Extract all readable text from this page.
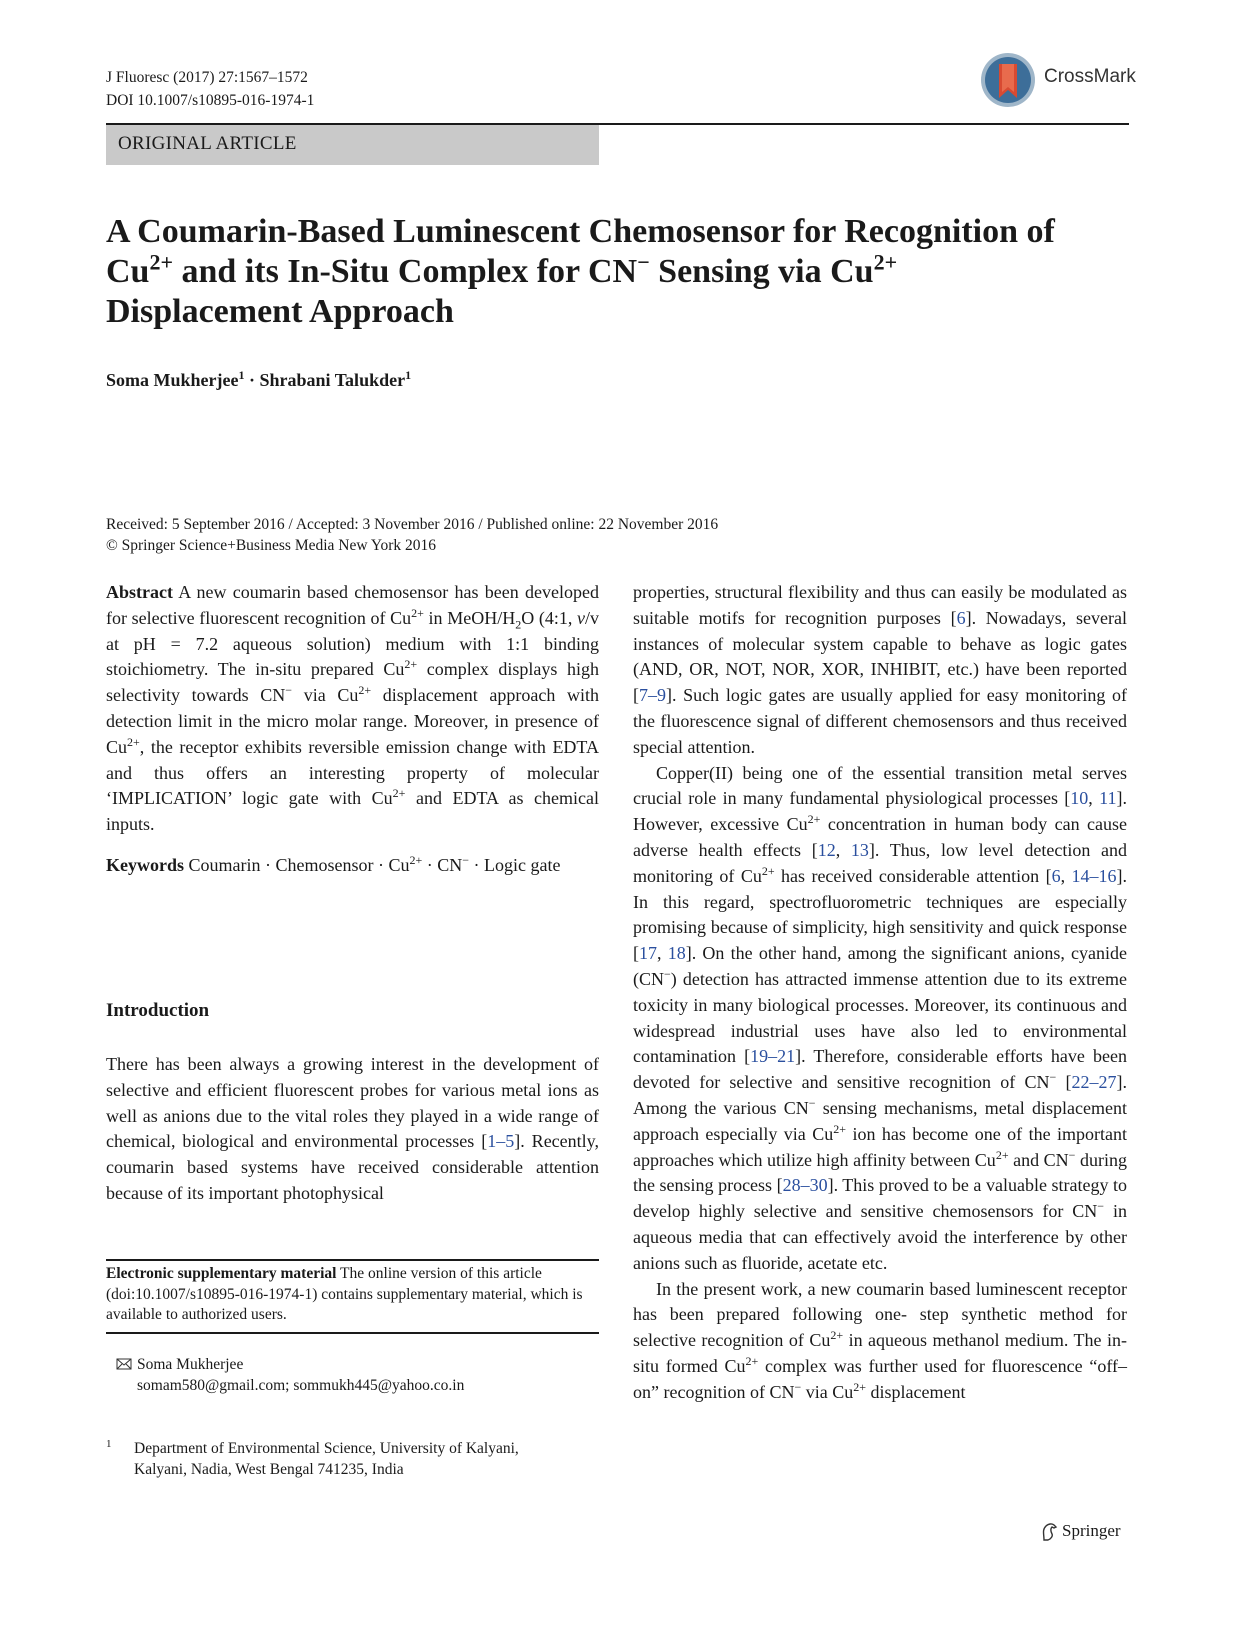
J Fluoresc (2017) 27:1567–1572
DOI 10.1007/s10895-016-1974-1
CrossMark
ORIGINAL ARTICLE
A Coumarin-Based Luminescent Chemosensor for Recognition of $Cu^{2+}$ and its In-Situ Complex for CN− Sensing via $Cu^{2+}$
Displacement Approach
Soma Mukherjee$^1$ · Shrabani Talukder$^1$
Received: 5 September 2016 / Accepted: 3 November 2016 / Published online: 22 November 2016
© Springer Science+Business Media New York 2016

Abstract A new coumarin based chemosensor has been developed for selective fluorescent recognition of $Cu^{2+}$ in MeOH/$H_2O$ (4:1, v/v at pH = 7.2 aqueous solution) medium with 1:1 binding stoichiometry. The in-situ prepared $Cu^{2+}$ complex displays high selectivity towards CN− via $Cu^{2+}$ displacement approach with detection limit in the micro molar range. Moreover, in presence of $Cu^{2+}$, the receptor exhibits reversible emission change with EDTA and thus offers an interesting property of molecular ‘IMPLICATION’ logic gate with $Cu^{2+}$ and EDTA as chemical inputs.

Keywords Coumarin · Chemosensor · $Cu^{2+} \cdot CN^-$ · Logic gate

Introduction
There has been always a growing interest in the development of selective and efficient fluorescent probes for various metal ions as well as anions due to the vital roles they played in a wide range of chemical, biological and environmental processes [1–5]. Recently, coumarin based systems have received considerable attention because of its important photophysical
Electronic supplementary material The online version of this article (doi:10.1007/s10895-016-1974-1) contains supplementary material, which is available to authorized users.
Soma Mukherjee
somam580@gmail.com; sommukh445@yahoo.co.in
1 Department of Environmental Science, University of Kalyani,
Kalyani, Nadia, West Bengal 741235, India

properties, structural flexibility and thus can easily be modulated as suitable motifs for recognition purposes [6]. Nowadays, several instances of molecular system capable to behave as logic gates (AND, OR, NOT, NOR, XOR, INHIBIT, etc.) have been reported [7–9]. Such logic gates are usually applied for easy monitoring of the fluorescence signal of different chemosensors and thus received special attention.

Copper(II) being one of the essential transition metal serves crucial role in many fundamental physiological processes [10, 11]. However, excessive $Cu^{2+}$ concentration in human body can cause adverse health effects [12, 13]. Thus, low level detection and monitoring of $Cu^{2+}$ has received considerable attention [6, 14–16]. In this regard, spectrofluorometric techniques are especially promising because of simplicity, high sensitivity and quick response [17, 18]. On the other hand, among the significant anions, cyanide (CN−) detection has attracted immense attention due to its extreme toxicity in many biological processes. Moreover, its continuous and widespread industrial uses have also led to environmental contamination [19–21]. Therefore, considerable efforts have been devoted for selective and sensitive recognition of CN− [22–27]. Among the various CN− sensing mechanisms, metal displacement approach especially via $Cu^{2+}$ ion has become one of the important approaches which utilize high affinity between $Cu^{2+}$ and CN− during the sensing process [28–30]. This proved to be a valuable strategy to develop highly selective and sensitive chemosensors for CN− in aqueous media that can effectively avoid the interference by other anions such as fluoride, acetate etc.

In the present work, a new coumarin based luminescent receptor has been prepared following one- step synthetic method for selective recognition of $Cu^{2+}$ in aqueous methanol medium. The in-situ formed $Cu^{2+}$ complex was further used for fluorescence “off–on” recognition of CN− via $Cu^{2+}$ displacement

Springer
